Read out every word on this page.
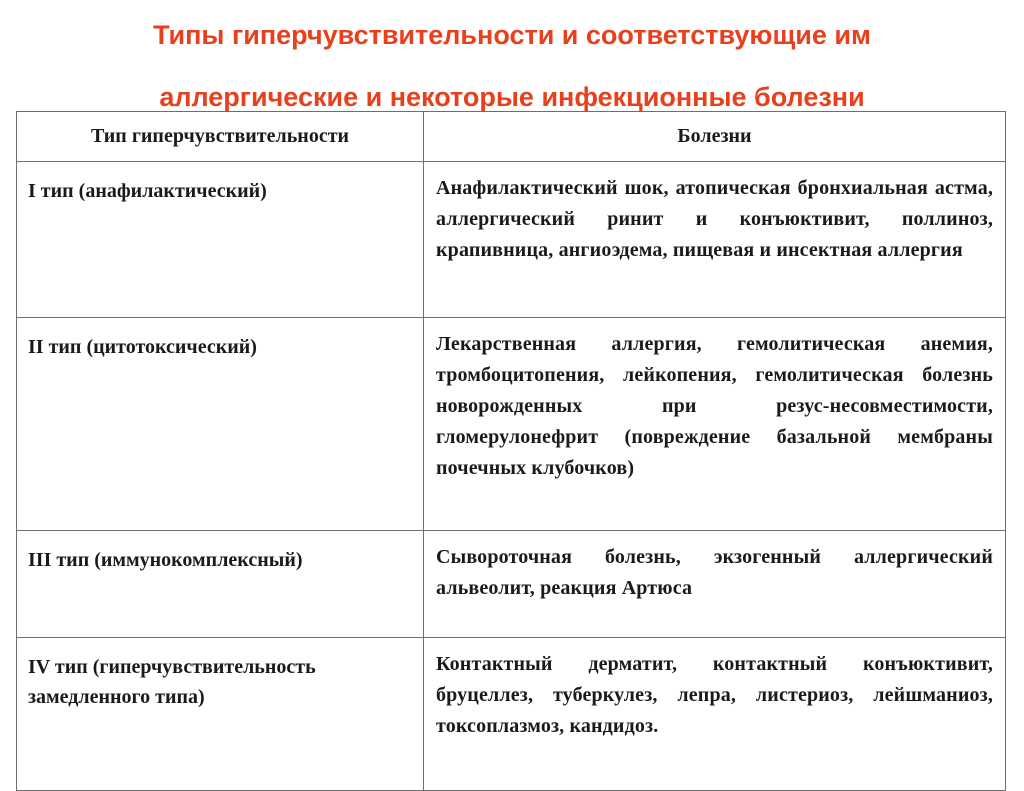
Типы гиперчувствительности и соответствующие им
аллергические и некоторые инфекционные болезни
Тип гиперчувствительности	Болезни
I тип (анафилактический)	Анафилактический шок, атопическая бронхиальная астма, аллергический ринит и конъюктивит, поллиноз, крапивница, ангиоэдема, пищевая и инсектная аллергия

II тип (цитотоксический)	Лекарственная аллергия, гемолитическая анемия, тромбоцитопения, лейкопения, гемолитическая болезнь новорожденных при резус-несовместимости, гломерулонефрит (повреждение базальной мембраны почечных клубочков)

III тип (иммунокомплексный)	Сывороточная болезнь, экзогенный аллергический альвеолит, реакция Артюса

IV тип (гиперчувствительность замедленного типа)	Контактный дерматит, контактный конъюктивит, бруцеллез, туберкулез, лепра, листериоз, лейшманиоз, токсоплазмоз, кандидоз.
